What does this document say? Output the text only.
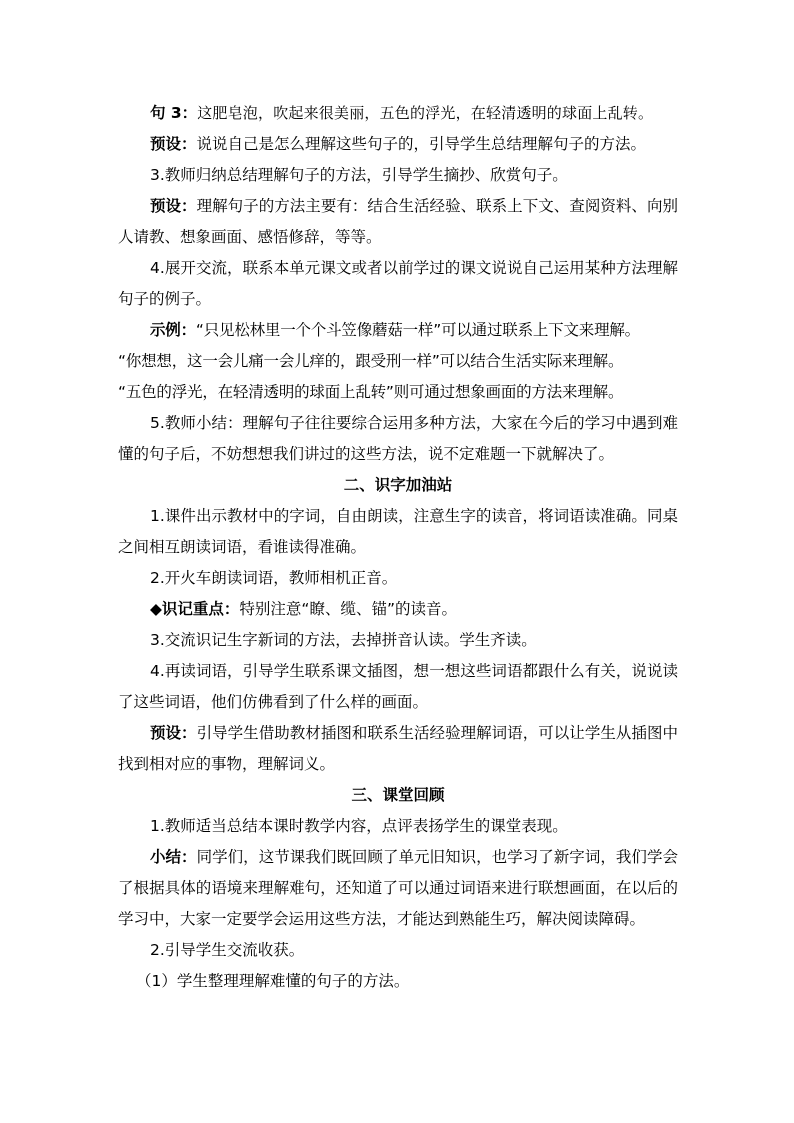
句 3：这肥皂泡，吹起来很美丽，五色的浮光，在轻清透明的球面上乱转。

预设：说说自己是怎么理解这些句子的，引导学生总结理解句子的方法。

3.教师归纳总结理解句子的方法，引导学生摘抄、欣赏句子。

预设：理解句子的方法主要有：结合生活经验、联系上下文、查阅资料、向别人请教、想象画面、感悟修辞，等等。

4.展开交流，联系本单元课文或者以前学过的课文说说自己运用某种方法理解句子的例子。

示例：“只见松林里一个个斗笠像蘑菇一样”可以通过联系上下文来理解。

“你想想，这一会儿痛一会儿痒的，跟受刑一样”可以结合生活实际来理解。

“五色的浮光，在轻清透明的球面上乱转”则可通过想象画面的方法来理解。

5.教师小结：理解句子往往要综合运用多种方法，大家在今后的学习中遇到难懂的句子后，不妨想想我们讲过的这些方法，说不定难题一下就解决了。

二、识字加油站

1.课件出示教材中的字词，自由朗读，注意生字的读音，将词语读准确。同桌之间相互朗读词语，看谁读得准确。

2.开火车朗读词语，教师相机正音。

◆识记重点：特别注意“瞭、缆、锚”的读音。

3.交流识记生字新词的方法，去掉拼音认读。学生齐读。

4.再读词语，引导学生联系课文插图，想一想这些词语都跟什么有关，说说读了这些词语，他们仿佛看到了什么样的画面。

预设：引导学生借助教材插图和联系生活经验理解词语，可以让学生从插图中找到相对应的事物，理解词义。

三、课堂回顾

1.教师适当总结本课时教学内容，点评表扬学生的课堂表现。

小结：同学们，这节课我们既回顾了单元旧知识，也学习了新字词，我们学会了根据具体的语境来理解难句，还知道了可以通过词语来进行联想画面，在以后的学习中，大家一定要学会运用这些方法，才能达到熟能生巧，解决阅读障碍。

2.引导学生交流收获。

（1）学生整理理解难懂的句子的方法。
